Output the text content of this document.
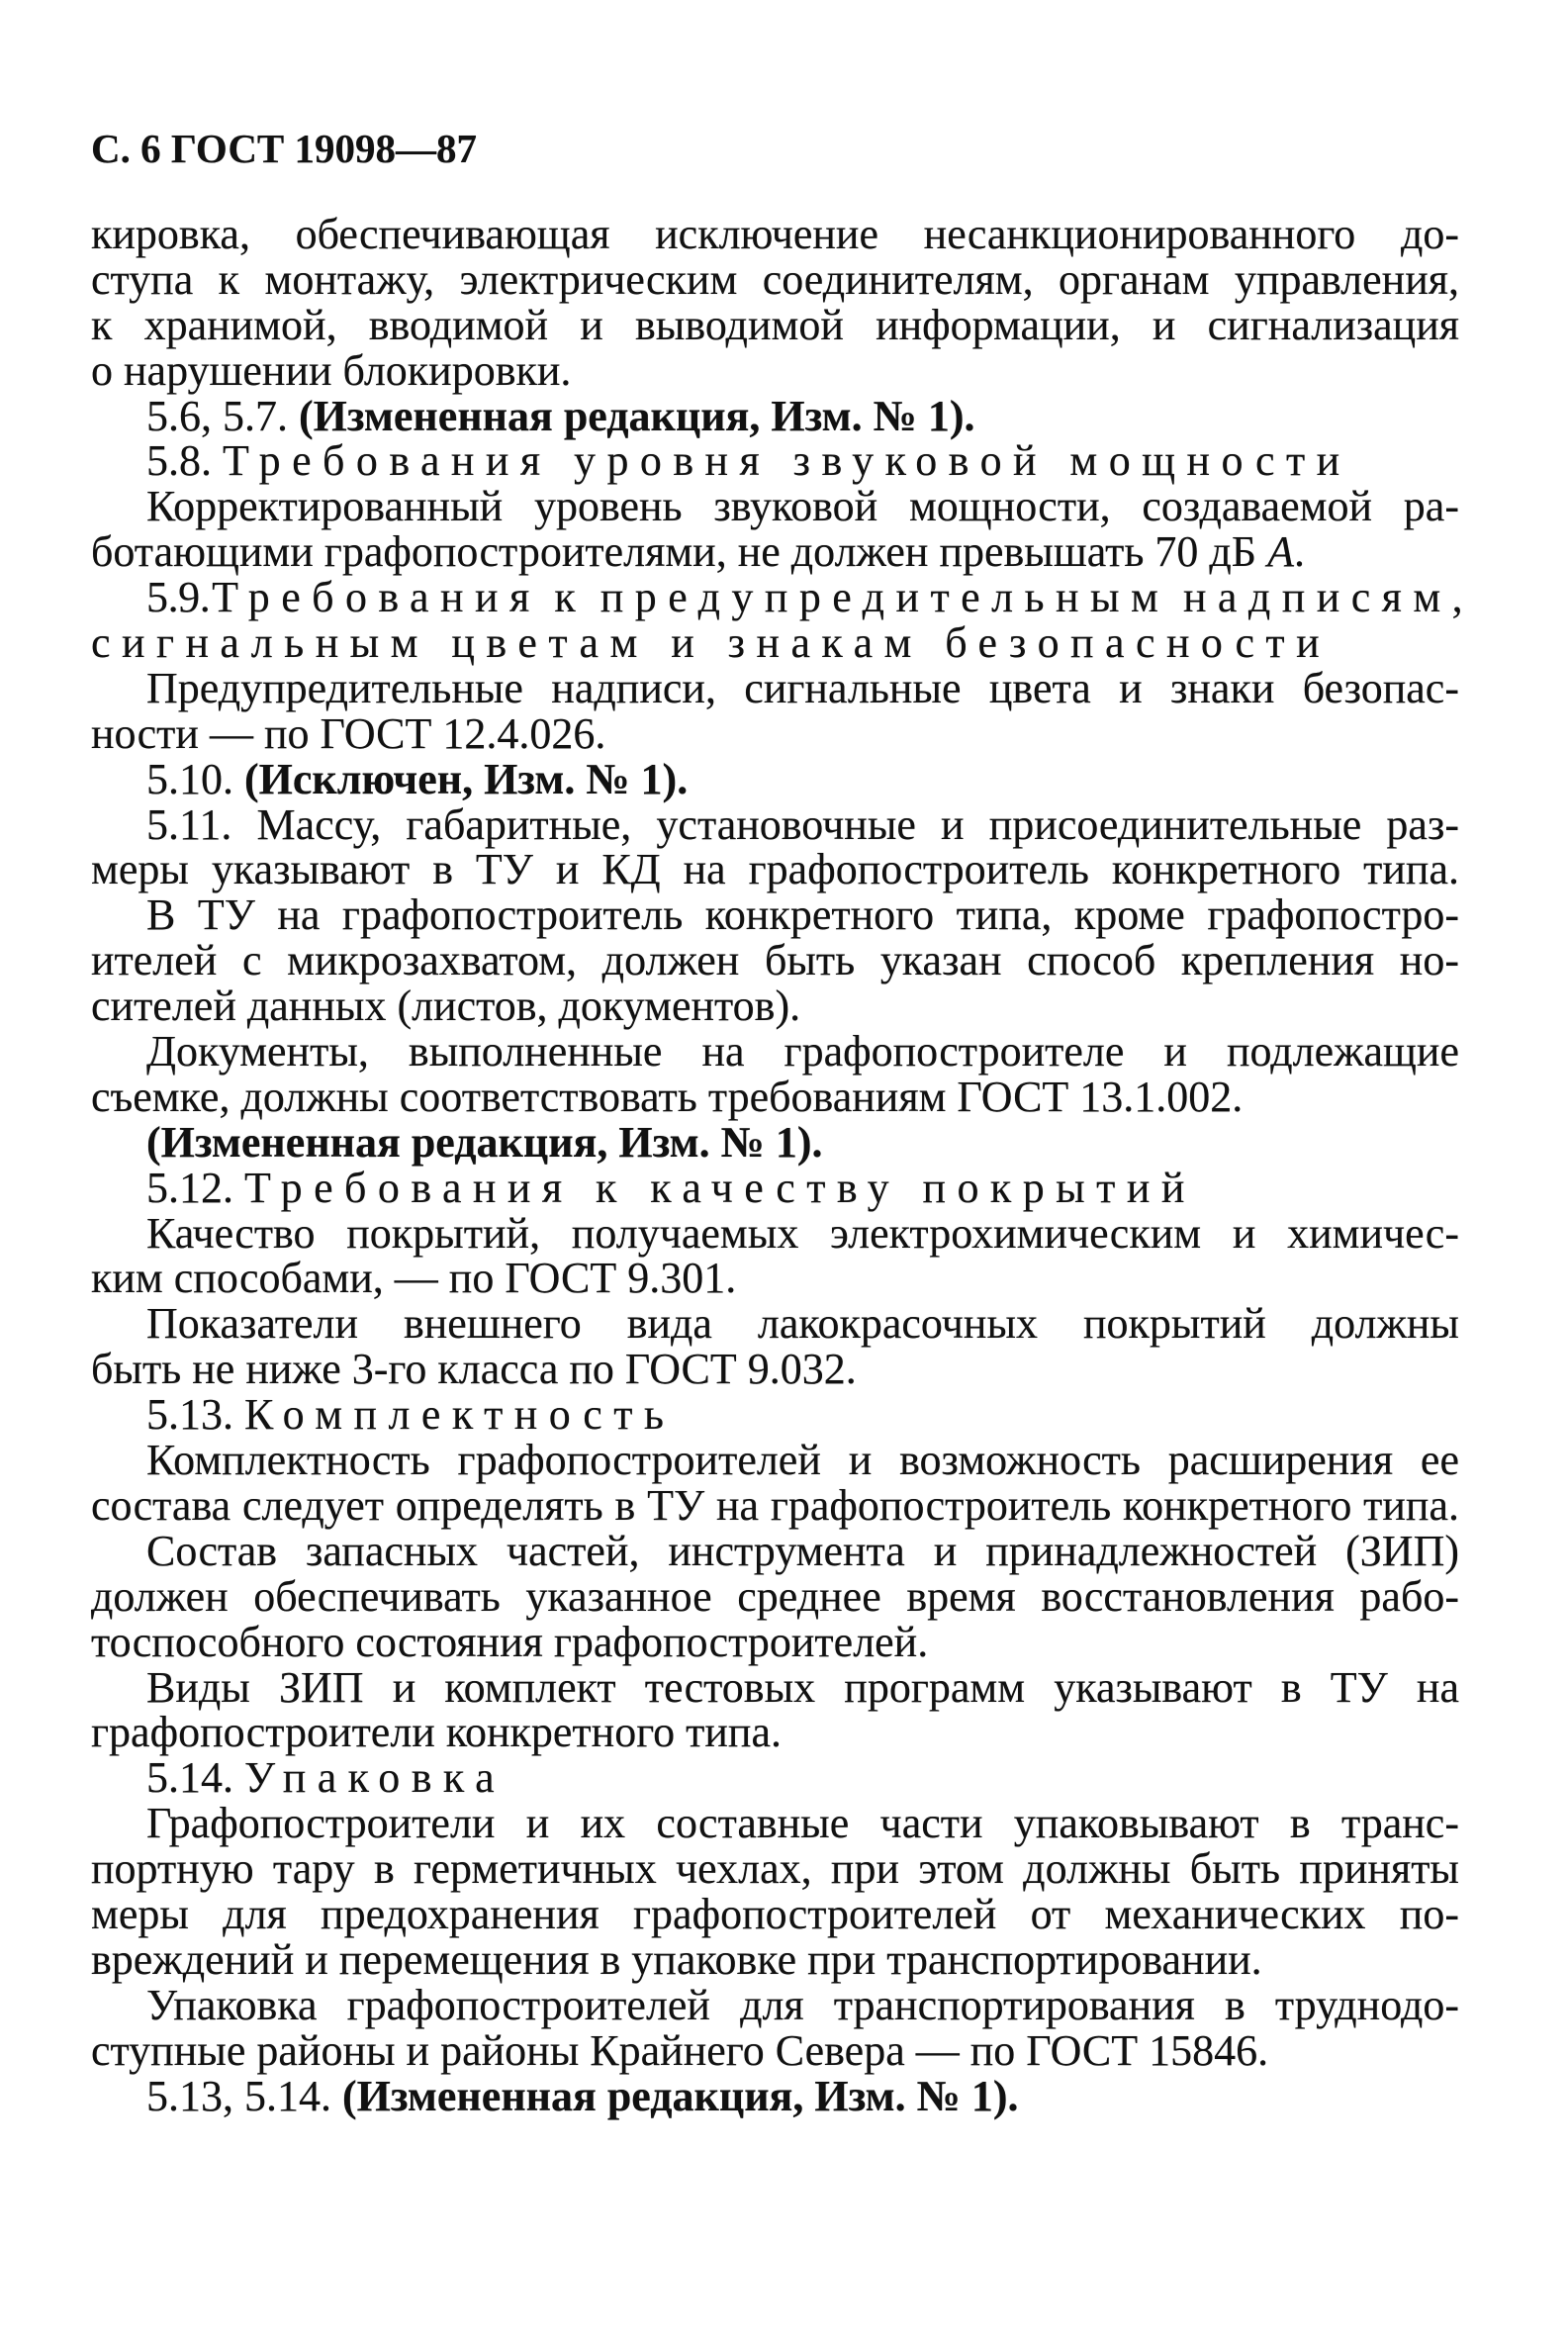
С. 6 ГОСТ 19098—87
кировка, обеспечивающая исключение несанкционированного до-
ступа к монтажу, электрическим соединителям, органам управления,
к хранимой, вводимой и выводимой информации, и сигнализация
о нарушении блокировки.
5.6, 5.7. (Измененная редакция, Изм. № 1).
5.8. Требования уровня звуковой мощности
Корректированный уровень звуковой мощности, создаваемой ра-
ботающими графопостроителями, не должен превышать 70 дБ A.
5.9. Требования к предупредительным надписям,
сигнальным цветам и знакам безопасности
Предупредительные надписи, сигнальные цвета и знаки безопас-
ности — по ГОСТ 12.4.026.
5.10. (Исключен, Изм. № 1).
5.11. Массу, габаритные, установочные и присоединительные раз-
меры указывают в ТУ и КД на графопостроитель конкретного типа.
В ТУ на графопостроитель конкретного типа, кроме графопостро-
ителей с микрозахватом, должен быть указан способ крепления но-
сителей данных (листов, документов).
Документы, выполненные на графопостроителе и подлежащие
съемке, должны соответствовать требованиям ГОСТ 13.1.002.
(Измененная редакция, Изм. № 1).
5.12. Требования к качеству покрытий
Качество покрытий, получаемых электрохимическим и химичес-
ким способами, — по ГОСТ 9.301.
Показатели внешнего вида лакокрасочных покрытий должны
быть не ниже 3-го класса по ГОСТ 9.032.
5.13. Комплектность
Комплектность графопостроителей и возможность расширения ее
состава следует определять в ТУ на графопостроитель конкретного типа.
Состав запасных частей, инструмента и принадлежностей (ЗИП)
должен обеспечивать указанное среднее время восстановления рабо-
тоспособного состояния графопостроителей.
Виды ЗИП и комплект тестовых программ указывают в ТУ на
графопостроители конкретного типа.
5.14. Упаковка
Графопостроители и их составные части упаковывают в транс-
портную тару в герметичных чехлах, при этом должны быть приняты
меры для предохранения графопостроителей от механических по-
вреждений и перемещения в упаковке при транспортировании.
Упаковка графопостроителей для транспортирования в труднодо-
ступные районы и районы Крайнего Севера — по ГОСТ 15846.
5.13, 5.14. (Измененная редакция, Изм. № 1).
